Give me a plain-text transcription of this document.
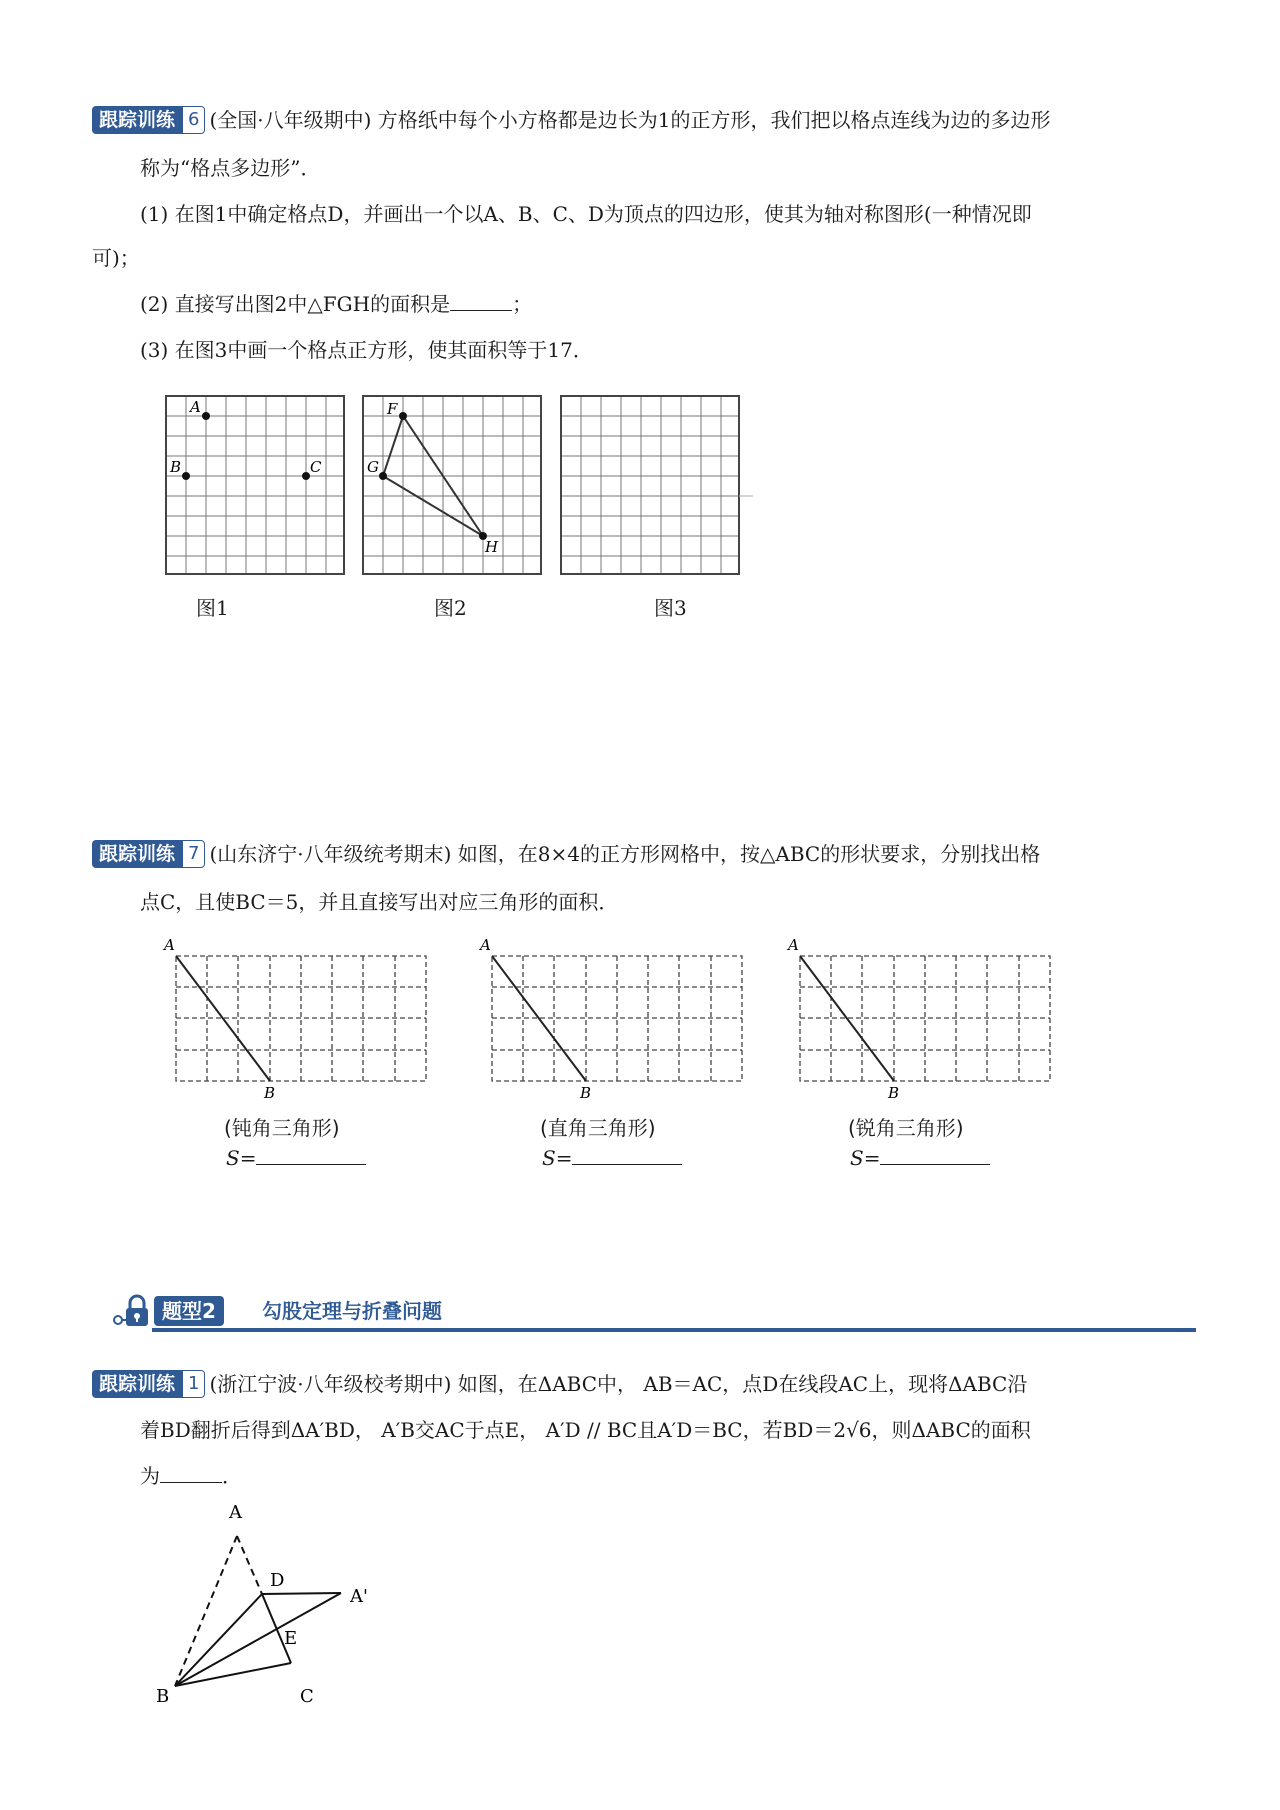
跟踪训练 6 (全国·八年级期中) 方格纸中每个小方格都是边长为1的正方形，我们把以格点连线为边的多边形
称为“格点多边形”．
(1) 在图1中确定格点D，并画出一个以A、B、C、D为顶点的四边形，使其为轴对称图形(一种情况即
可)；
(2) 直接写出图2中△FGH的面积是	；
(3) 在图3中画一个格点正方形，使其面积等于17．
A
B	C
图1
F
G
H
图2	图3
跟踪训练 7 (山东济宁·八年级统考期末) 如图，在8×4的正方形网格中，按△ABC的形状要求，分别找出格
点C，且使BC＝5，并且直接写出对应三角形的面积．
A
B
(钝角三角形)
S=
A
B
(直角三角形)
S=
A
B
(锐角三角形)
S=
题型2	勾股定理与折叠问题
跟踪训练 1 (浙江宁波·八年级校考期中) 如图，在ΔABC中， AB＝AC，点D在线段AC上，现将ΔABC沿
着BD翻折后得到ΔA′BD， A′B交AC于点E， A′D // BC且A′D＝BC，若BD＝2√6，则ΔABC的面积
为	．
A
D
A'
E
B	C
